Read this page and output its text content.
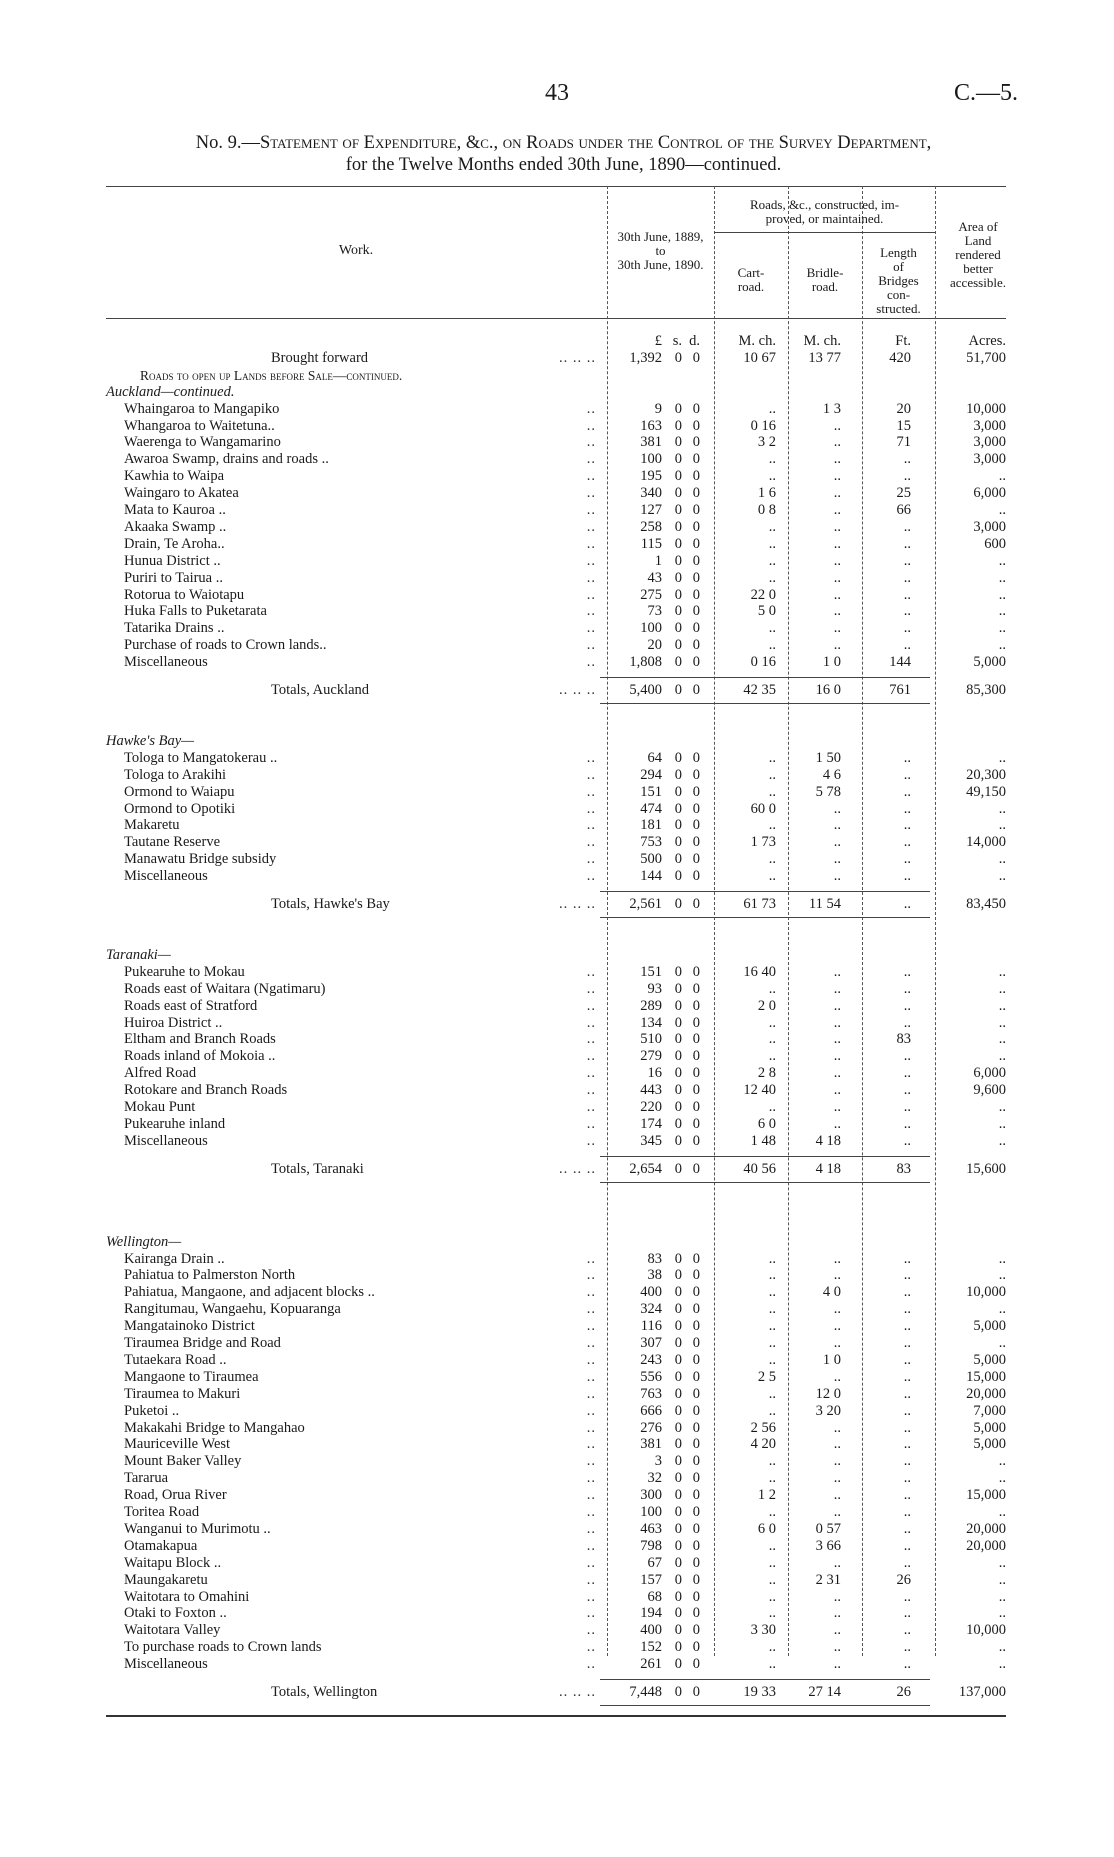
43	C.—5.
No. 9.—Statement of Expenditure, &c., on Roads under the Control of the Survey Department,
for the Twelve Months ended 30th June, 1890—continued.
Work.
30th June, 1889,
to
30th June, 1890.
Roads, &c., constructed, im-
proved, or maintained.
Cart-
road.
Bridle-
road.
Length
of
Bridges
con-
structed.
Area of
Land
rendered
better
accessible.
£ s. d.	M. ch.	M. ch.	Ft.	Acres.
Brought forward	.. .. ..	1,392 0 0	10 67	13 77	420	51,700
Roads to open up Lands before Sale—continued.
Auckland—continued.
Whaingaroa to Mangapiko	..	9 0 0	..	1 3	20	10,000
Whangaroa to Waitetuna..	..	163 0 0	0 16	..	15	3,000
Waerenga to Wangamarino	..	381 0 0	3 2	..	71	3,000
Awaroa Swamp, drains and roads ..	..	100 0 0	..	..	..	3,000
Kawhia to Waipa	..	195 0 0	..	..	..	..
Waingaro to Akatea	..	340 0 0	1 6	..	25	6,000
Mata to Kauroa ..	..	127 0 0	0 8	..	66	..
Akaaka Swamp ..	..	258 0 0	..	..	..	3,000
Drain, Te Aroha..	..	115 0 0	..	..	..	600
Hunua District ..	..	1 0 0	..	..	..	..
Puriri to Tairua ..	..	43 0 0	..	..	..	..
Rotorua to Waiotapu	..	275 0 0	22 0	..	..	..
Huka Falls to Puketarata	..	73 0 0	5 0	..	..	..
Tatarika Drains ..	..	100 0 0	..	..	..	..
Purchase of roads to Crown lands..	..	20 0 0	..	..	..	..
Miscellaneous	..	1,808 0 0	0 16	1 0	144	5,000
Totals, Auckland	.. .. ..	5,400 0 0	42 35	16 0	761	85,300
Hawke's Bay—
Tologa to Mangatokerau ..	..	64 0 0	..	1 50	..	..
Tologa to Arakihi	..	294 0 0	..	4 6	..	20,300
Ormond to Waiapu	..	151 0 0	..	5 78	..	49,150
Ormond to Opotiki	..	474 0 0	60 0	..	..	..
Makaretu	..	181 0 0	..	..	..	..
Tautane Reserve	..	753 0 0	1 73	..	..	14,000
Manawatu Bridge subsidy	..	500 0 0	..	..	..	..
Miscellaneous	..	144 0 0	..	..	..	..
Totals, Hawke's Bay	.. .. ..	2,561 0 0	61 73	11 54	..	83,450
Taranaki—
Pukearuhe to Mokau	..	151 0 0	16 40	..	..	..
Roads east of Waitara (Ngatimaru)	..	93 0 0	..	..	..	..
Roads east of Stratford	..	289 0 0	2 0	..	..	..
Huiroa District ..	..	134 0 0	..	..	..	..
Eltham and Branch Roads	..	510 0 0	..	..	83	..
Roads inland of Mokoia ..	..	279 0 0	..	..	..	..
Alfred Road	..	16 0 0	2 8	..	..	6,000
Rotokare and Branch Roads	..	443 0 0	12 40	..	..	9,600
Mokau Punt	..	220 0 0	..	..	..	..
Pukearuhe inland	..	174 0 0	6 0	..	..	..
Miscellaneous	..	345 0 0	1 48	4 18	..	..
Totals, Taranaki	.. .. ..	2,654 0 0	40 56	4 18	83	15,600
Wellington—
Kairanga Drain ..	..	83 0 0	..	..	..	..
Pahiatua to Palmerston North	..	38 0 0	..	..	..	..
Pahiatua, Mangaone, and adjacent blocks ..	..	400 0 0	..	4 0	..	10,000
Rangitumau, Wangaehu, Kopuaranga	..	324 0 0	..	..	..	..
Mangatainoko District	..	116 0 0	..	..	..	5,000
Tiraumea Bridge and Road	..	307 0 0	..	..	..	..
Tutaekara Road ..	..	243 0 0	..	1 0	..	5,000
Mangaone to Tiraumea	..	556 0 0	2 5	..	..	15,000
Tiraumea to Makuri	..	763 0 0	..	12 0	..	20,000
Puketoi ..	..	666 0 0	..	3 20	..	7,000
Makakahi Bridge to Mangahao	..	276 0 0	2 56	..	..	5,000
Mauriceville West	..	381 0 0	4 20	..	..	5,000
Mount Baker Valley	..	3 0 0	..	..	..	..
Tararua	..	32 0 0	..	..	..	..
Road, Orua River	..	300 0 0	1 2	..	..	15,000
Toritea Road	..	100 0 0	..	..	..	..
Wanganui to Murimotu ..	..	463 0 0	6 0	0 57	..	20,000
Otamakapua	..	798 0 0	..	3 66	..	20,000
Waitapu Block ..	..	67 0 0	..	..	..	..
Maungakaretu	..	157 0 0	..	2 31	26	..
Waitotara to Omahini	..	68 0 0	..	..	..	..
Otaki to Foxton ..	..	194 0 0	..	..	..	..
Waitotara Valley	..	400 0 0	3 30	..	..	10,000
To purchase roads to Crown lands	..	152 0 0	..	..	..	..
Miscellaneous	..	261 0 0	..	..	..	..
Totals, Wellington	.. .. ..	7,448 0 0	19 33	27 14	26	137,000
